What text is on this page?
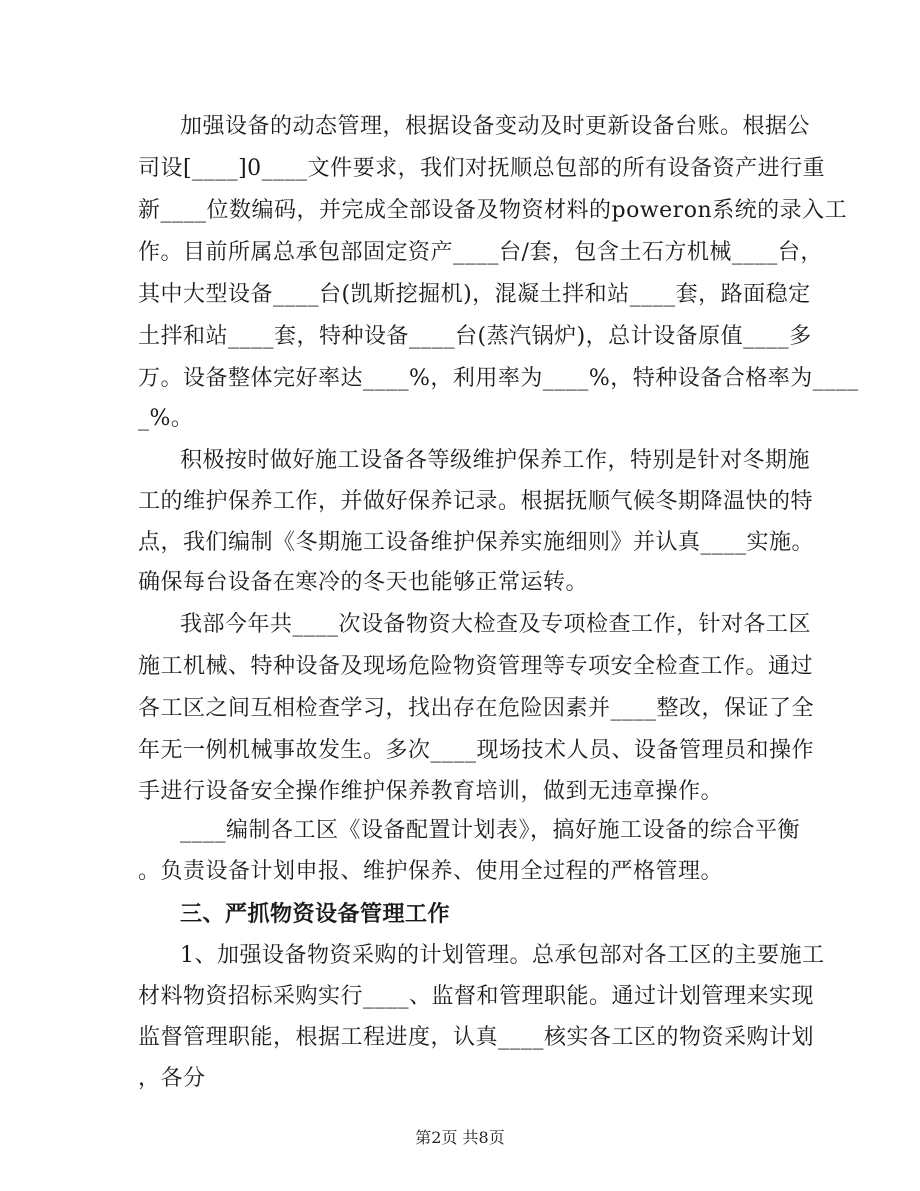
加强设备的动态管理，根据设备变动及时更新设备台账。根据公
司设[____]0____文件要求，我们对抚顺总包部的所有设备资产进行重
新____位数编码，并完成全部设备及物资材料的poweron系统的录入工
作。目前所属总承包部固定资产____台/套，包含土石方机械____台，
其中大型设备____台(凯斯挖掘机)，混凝土拌和站____套，路面稳定
土拌和站____套，特种设备____台(蒸汽锅炉)，总计设备原值____多
万。设备整体完好率达____%，利用率为____%，特种设备合格率为____
_%。
积极按时做好施工设备各等级维护保养工作，特别是针对冬期施
工的维护保养工作，并做好保养记录。根据抚顺气候冬期降温快的特
点，我们编制《冬期施工设备维护保养实施细则》并认真____实施。
确保每台设备在寒冷的冬天也能够正常运转。
我部今年共____次设备物资大检查及专项检查工作，针对各工区
施工机械、特种设备及现场危险物资管理等专项安全检查工作。通过
各工区之间互相检查学习，找出存在危险因素并____整改，保证了全
年无一例机械事故发生。多次____现场技术人员、设备管理员和操作
手进行设备安全操作维护保养教育培训，做到无违章操作。
____编制各工区《设备配置计划表》，搞好施工设备的综合平衡
。负责设备计划申报、维护保养、使用全过程的严格管理。
三、严抓物资设备管理工作
1、加强设备物资采购的计划管理。总承包部对各工区的主要施工
材料物资招标采购实行____、监督和管理职能。通过计划管理来实现
监督管理职能，根据工程进度，认真____核实各工区的物资采购计划
，各分
第2页 共8页
